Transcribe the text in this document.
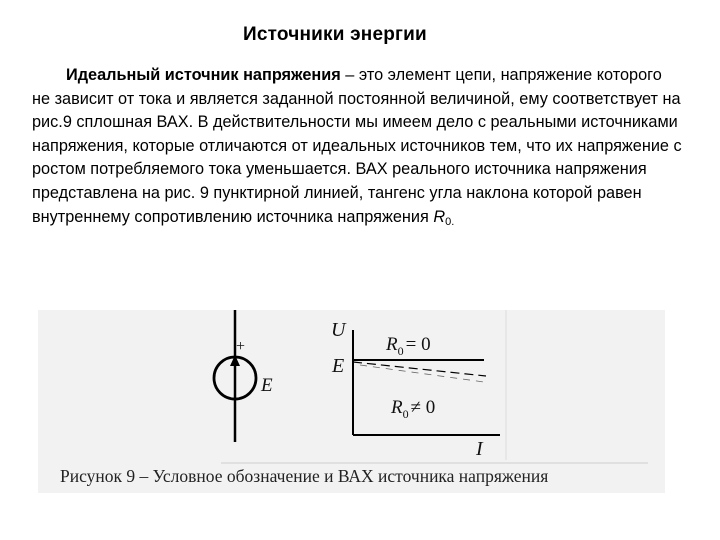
Источники энергии
Идеальный источник напряжения – это элемент цепи, напряжение которого не зависит от тока и является заданной постоянной величиной, ему соответствует на рис.9 сплошная ВАХ. В действительности мы имеем дело с реальными источниками напряжения, которые отличаются от идеальных источников тем, что их напряжение с ростом потребляемого тока уменьшается. ВАХ реального источника напряжения представлена на рис. 9 пунктирной линией, тангенс угла наклона которой равен внутреннему сопротивлению источника напряжения $R_{0.}$
+
E
U
I
E
$R_0 = 0$
$R_0 \ne 0$
Рисунок 9 – Условное обозначение и ВАХ источника напряжения
